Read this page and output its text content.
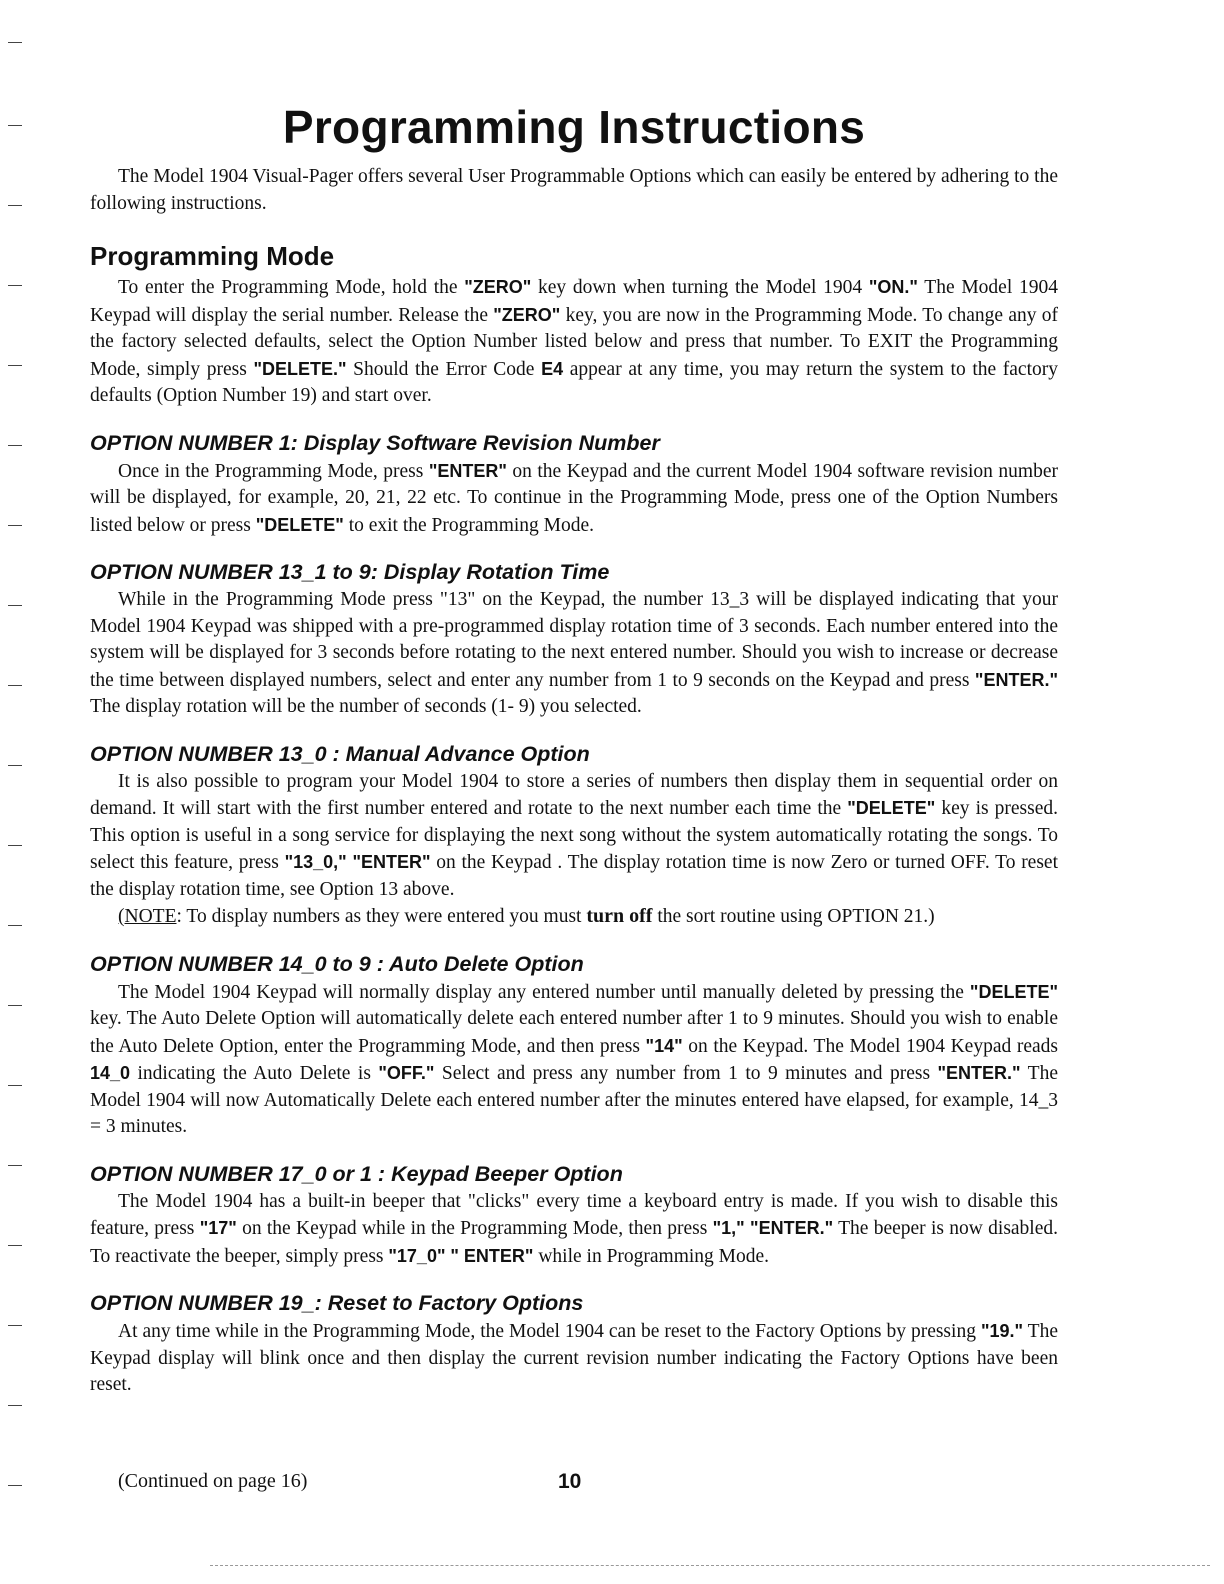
Programming Instructions

The Model 1904 Visual-Pager offers several User Programmable Options which can easily be entered by adhering to the following instructions.

Programming Mode

To enter the Programming Mode, hold the "ZERO" key down when turning the Model 1904 "ON." The Model 1904 Keypad will display the serial number. Release the "ZERO" key, you are now in the Programming Mode. To change any of the factory selected defaults, select the Option Number listed below and press that number. To EXIT the Programming Mode, simply press "DELETE." Should the Error Code E4 appear at any time, you may return the system to the factory defaults (Option Number 19) and start over.

OPTION NUMBER 1: Display Software Revision Number

Once in the Programming Mode, press "ENTER" on the Keypad and the current Model 1904 software revision number will be displayed, for example, 20, 21, 22 etc. To continue in the Programming Mode, press one of the Option Numbers listed below or press "DELETE" to exit the Programming Mode.

OPTION NUMBER 13_1 to 9: Display Rotation Time

While in the Programming Mode press "13" on the Keypad, the number 13_3 will be displayed indicating that your Model 1904 Keypad was shipped with a pre-programmed display rotation time of 3 seconds. Each number entered into the system will be displayed for 3 seconds before rotating to the next entered number. Should you wish to increase or decrease the time between displayed numbers, select and enter any number from 1 to 9 seconds on the Keypad and press "ENTER." The display rotation will be the number of seconds (1- 9) you selected.

OPTION NUMBER 13_0 : Manual Advance Option

It is also possible to program your Model 1904 to store a series of numbers then display them in sequential order on demand. It will start with the first number entered and rotate to the next number each time the "DELETE" key is pressed. This option is useful in a song service for displaying the next song without the system automatically rotating the songs. To select this feature, press "13_0," "ENTER" on the Keypad . The display rotation time is now Zero or turned OFF. To reset the display rotation time, see Option 13 above.

(NOTE: To display numbers as they were entered you must turn off the sort routine using OPTION 21.)

OPTION NUMBER 14_0 to 9 : Auto Delete Option

The Model 1904 Keypad will normally display any entered number until manually deleted by pressing the "DELETE" key. The Auto Delete Option will automatically delete each entered number after 1 to 9 minutes. Should you wish to enable the Auto Delete Option, enter the Programming Mode, and then press "14" on the Keypad. The Model 1904 Keypad reads 14_0 indicating the Auto Delete is "OFF." Select and press any number from 1 to 9 minutes and press "ENTER." The Model 1904 will now Automatically Delete each entered number after the minutes entered have elapsed, for example, 14_3 = 3 minutes.

OPTION NUMBER 17_0 or 1 : Keypad Beeper Option

The Model 1904 has a built-in beeper that "clicks" every time a keyboard entry is made. If you wish to disable this feature, press "17" on the Keypad while in the Programming Mode, then press "1," "ENTER." The beeper is now disabled. To reactivate the beeper, simply press "17_0" " ENTER" while in Programming Mode.

OPTION NUMBER 19_: Reset to Factory Options

At any time while in the Programming Mode, the Model 1904 can be reset to the Factory Options by pressing "19." The Keypad display will blink once and then display the current revision number indicating the Factory Options have been reset.

(Continued on page 16)	10
